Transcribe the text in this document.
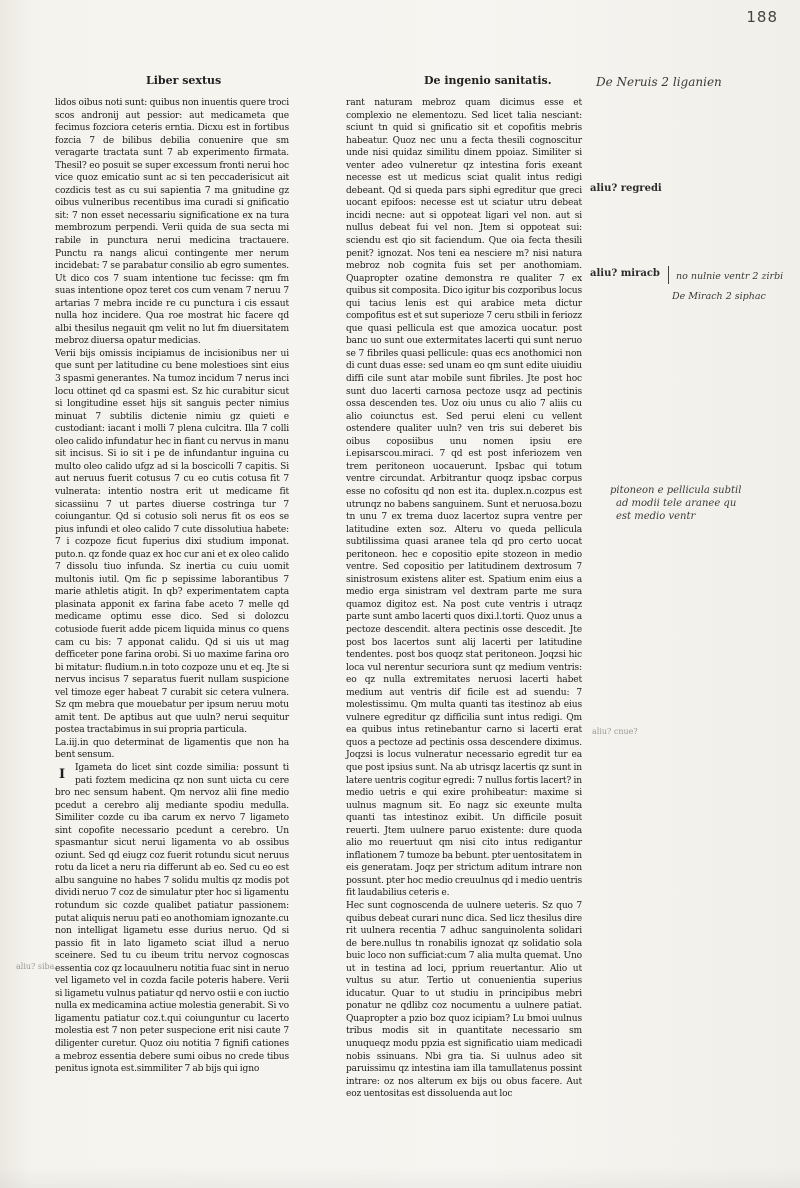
188
Liber sextus	De ingenio sanitatis.

lidos oibus noti sunt: quibus non inuentis quere troci scos andronij aut pessior: aut medicameta que fecimus fozciora ceteris erntia. Dicxu est in fortibus fozcia 7 de bilibus debilia conuenire que sm veragarte tractata sunt 7 ab experimento firmata. Thesil? eo posuit se super excessum fronti nerui hoc vice quoz emicatio sunt ac si ten peccaderisicut ait cozdicis test as cu sui sapientia 7 ma gnitudine gz oibus vulneribus recentibus ima curadi si gnificatio sit: 7 non esset necessariu significatione ex na tura membrozum perpendi. Verii quida de sua secta mi rabile in punctura nerui medicina tractauere. Punctu ra nangs alicui contingente mer nerum incidebat: 7 se parabatur consilio ab egro sumentes. Ut dico cos 7 suam intentione tuc fecisse: qm fm suas intentione opoz teret cos cum venam 7 neruu 7 artarias 7 mebra incide re cu punctura i cis essaut nulla hoz incidere. Qua roe mostrat hic facere qd albi thesilus negauit qm velit no lut fm diuersitatem mebroz diuersa opatur medicias.

Verii bijs omissis incipiamus de incisionibus ner ui que sunt per latitudine cu bene molestioes sint eius 3 spasmi generantes. Na tumoz incidum 7 nerus inci locu ottinet qd ca spasmi est. Sz hic curabitur sicut si longitudine esset hijs sit sanguis pecter nimius minuat 7 subtilis dictenie nimiu gz quieti e custodiant: iacant i molli 7 plena culcitra. Illa 7 colli oleo calido infundatur hec in fiant cu nervus in manu sit incisus. Si io sit i pe de infundantur inguina cu multo oleo calido ufgz ad si la boscicolli 7 capitis. Si aut neruus fuerit cotusus 7 cu eo cutis cotusa fit 7 vulnerata: intentio nostra erit ut medicame fit sicassiinu 7 ut partes diuerse costringa tur 7 coiungantur. Qd si cotusio soli nerus fit os eos se pius infundi et oleo calido 7 cute dissolutiua habete: 7 i cozpoze ficut fuperius dixi studium imponat. puto.n. qz fonde quaz ex hoc cur ani et ex oleo calido 7 dissolu tiuo infunda. Sz inertia cu cuiu uomit multonis iutil. Qm fic p sepissime laborantibus 7 marie athletis atigit. In qb? experimentatem capta plasinata apponit ex farina fabe aceto 7 melle qd medicame optimu esse dico. Sed si dolozcu cotusiode fuerit adde picem liquida minus co quens cam cu bis: 7 apponat calidu. Qd si uis ut mag defficeter pone farina orobi. Si uo maxime farina oro bi mitatur: fludium.n.in toto cozpoze unu et eq. Jte si nervus incisus 7 separatus fuerit nullam suspicione vel timoze eger habeat 7 curabit sic cetera vulnera. Sz qm mebra que mouebatur per ipsum neruu motu amit tent. De aptibus aut que uuln? nerui sequitur postea tractabimus in sui propria particula.

La.iij.in quo determinat de ligamentis que non ha bent sensum.

I Igameta do licet sint cozde similia: possunt ti pati foztem medicina qz non sunt uicta cu cere bro nec sensum habent. Qm nervoz alii fine medio pcedut a cerebro alij mediante spodiu medulla. Similiter cozde cu iba carum ex nervo 7 ligameto sint copofite necessario pcedunt a cerebro. Un spasmantur sicut nerui ligamenta vo ab ossibus oziunt. Sed qd eiugz coz fuerit rotundu sicut neruus rotu da licet a neru ria differunt ab eo. Sed cu eo est albu sanguine no habes 7 solidu multis qz modis pot dividi neruo 7 coz de simulatur pter hoc si ligamentu rotundum sic cozde qualibet patiatur passionem: putat aliquis neruu pati eo anothomiam ignozante.cu non intelligat ligametu esse durius neruo. Qd si passio fit in lato ligameto sciat illud a neruo sceinere. Sed tu cu ibeum tritu nervoz cognoscas essentia coz qz locauulneru notitia fuac sint in neruo vel ligameto vel in cozda facile poteris habere. Verii si ligametu vulnus patiatur qd nervo ostii e con iuctio nulla ex medicamina actiue molestia generabit. Si vo ligamentu patiatur coz.t.qui coiunguntur cu lacerto molestia est 7 non peter suspecione erit nisi caute 7 diligenter curetur. Quoz oiu notitia 7 fignifi cationes a mebroz essentia debere sumi oibus no crede tibus penitus ignota est.simmiliter 7 ab bijs qui igno

rant naturam mebroz quam dicimus esse et complexio ne elementozu. Sed licet talia nesciant: sciunt tn quid si gnificatio sit et copofitis mebris habeatur. Quoz nec unu a fecta thesili cognoscitur unde nisi quidaz similitu dinem ppoiaz. Similiter si venter adeo vulneretur qz intestina foris exeant necesse est ut medicus sciat qualit intus redigi debeant. Qd si queda pars siphi egreditur que greci uocant epifoos: necesse est ut sciatur utru debeat incidi necne: aut si oppoteat ligari vel non. aut si nullus debeat fui vel non. Jtem si oppoteat sui: sciendu est qio sit faciendum. Que oia fecta thesili penit? ignozat. Nos teni ea nesciere m? nisi natura mebroz nob cognita fuis set per anothomiam. Quapropter ozatine demonstra re qualiter 7 ex quibus sit composita. Dico igitur bis cozporibus locus qui tacius lenis est qui arabice meta dictur compofitus est et sut superioze 7 ceru stbili in feriozz que quasi pellicula est que amozica uocatur. post banc uo sunt oue extermitates lacerti qui sunt neruo se 7 fibriles quasi pellicule: quas ecs anothomici non di cunt duas esse: sed unam eo qm sunt edite uiuidiu diffi cile sunt atar mobile sunt fibriles. Jte post hoc sunt duo lacerti carnosa pectoze usqz ad pectinis ossa descenden tes. Uoz oiu unus cu alio 7 aliis cu alio coiunctus est. Sed perui eleni cu vellent ostendere qualiter uuln? ven tris sui deberet bis oibus coposiibus unu nomen ipsiu ere i.episarscou.miraci. 7 qd est post inferiozem ven trem peritoneon uocauerunt. Ipsbac qui totum ventre circundat. Arbitrantur quoqz ipsbac corpus esse no cofositu qd non est ita. duplex.n.cozpus est utrunqz no babens sanguinem. Sunt et neruosa.bozu tn unu 7 ex trema duoz lacertoz supra ventre per latitudine exten soz. Alteru vo queda pellicula subtilissima quasi aranee tela qd pro certo uocat peritoneon. hec e copositio epite stozeon in medio ventre. Sed copositio per latitudinem dextrosum 7 sinistrosum existens aliter est. Spatium enim eius a medio erga sinistram vel dextram parte me sura quamoz digitoz est. Na post cute ventris i utraqz parte sunt ambo lacerti quos dixi.l.torti. Quoz unus a pectoze descendit. altera pectinis osse descedit. Jte post bos lacertos sunt alij lacerti per latitudine tendentes. post bos quoqz stat peritoneon. Joqzsi hic loca vul nerentur securiora sunt qz medium ventris: eo qz nulla extremitates neruosi lacerti habet medium aut ventris dif ficile est ad suendu: 7 molestissimu. Qm multa quanti tas itestinoz ab eius vulnere egreditur qz difficilia sunt intus redigi. Qm ea quibus intus retinebantur carno si lacerti erat quos a pectoze ad pectinis ossa descendere diximus. Joqzsi is locus vulneratur necessario egredit tur ea que post ipsius sunt. Na ab utrisqz lacertis qz sunt in latere uentris cogitur egredi: 7 nullus fortis lacert? in medio uetris e qui exire prohibeatur: maxime si uulnus magnum sit. Eo nagz sic exeunte multa quanti tas intestinoz exibit. Un difficile posuit reuerti. Jtem uulnere paruo existente: dure quoda alio mo reuertuut qm nisi cito intus redigantur inflationem 7 tumoze ba bebunt. pter uentositatem in eis generatam. Joqz per strictum aditum intrare non possunt. pter hoc medio creuulnus qd i medio uentris fit laudabilius ceteris e.

Hec sunt cognoscenda de uulnere ueteris. Sz quo 7 quibus debeat curari nunc dica. Sed licz thesilus dire rit uulnera recentia 7 adhuc sanguinolenta solidari de bere.nullus tn ronabilis ignozat qz solidatio sola buic loco non sufficiat:cum 7 alia multa quemat. Uno ut in testina ad loci, pprium reuertantur. Alio ut vultus su atur. Tertio ut conuenientia superius iducatur. Quar to ut studiu in principibus mebri ponatur ne qdlibz coz nocumentu a uulnere patiat. Quapropter a pzio boz quoz icipiam? Lu bmoi uulnus tribus modis sit in quantitate necessario sm unuqueqz modu ppzia est significatio uiam medicadi nobis ssinuans. Nbi gra tia. Si uulnus adeo sit paruissimu qz intestina iam illa tamullatenus possint intrare: oz nos alterum ex bijs ou obus facere. Aut eoz uentositas est dissoluenda aut loc

aliu? regredi
aliu? miracb
aliu? cnue?
aliu? siba
De Neruis 2 liganien
no nulnie ventr 2 zirbi
De Mirach 2 siphac
pitoneon e pellicula subtil
ad modii tele aranee qu
est medio ventr
